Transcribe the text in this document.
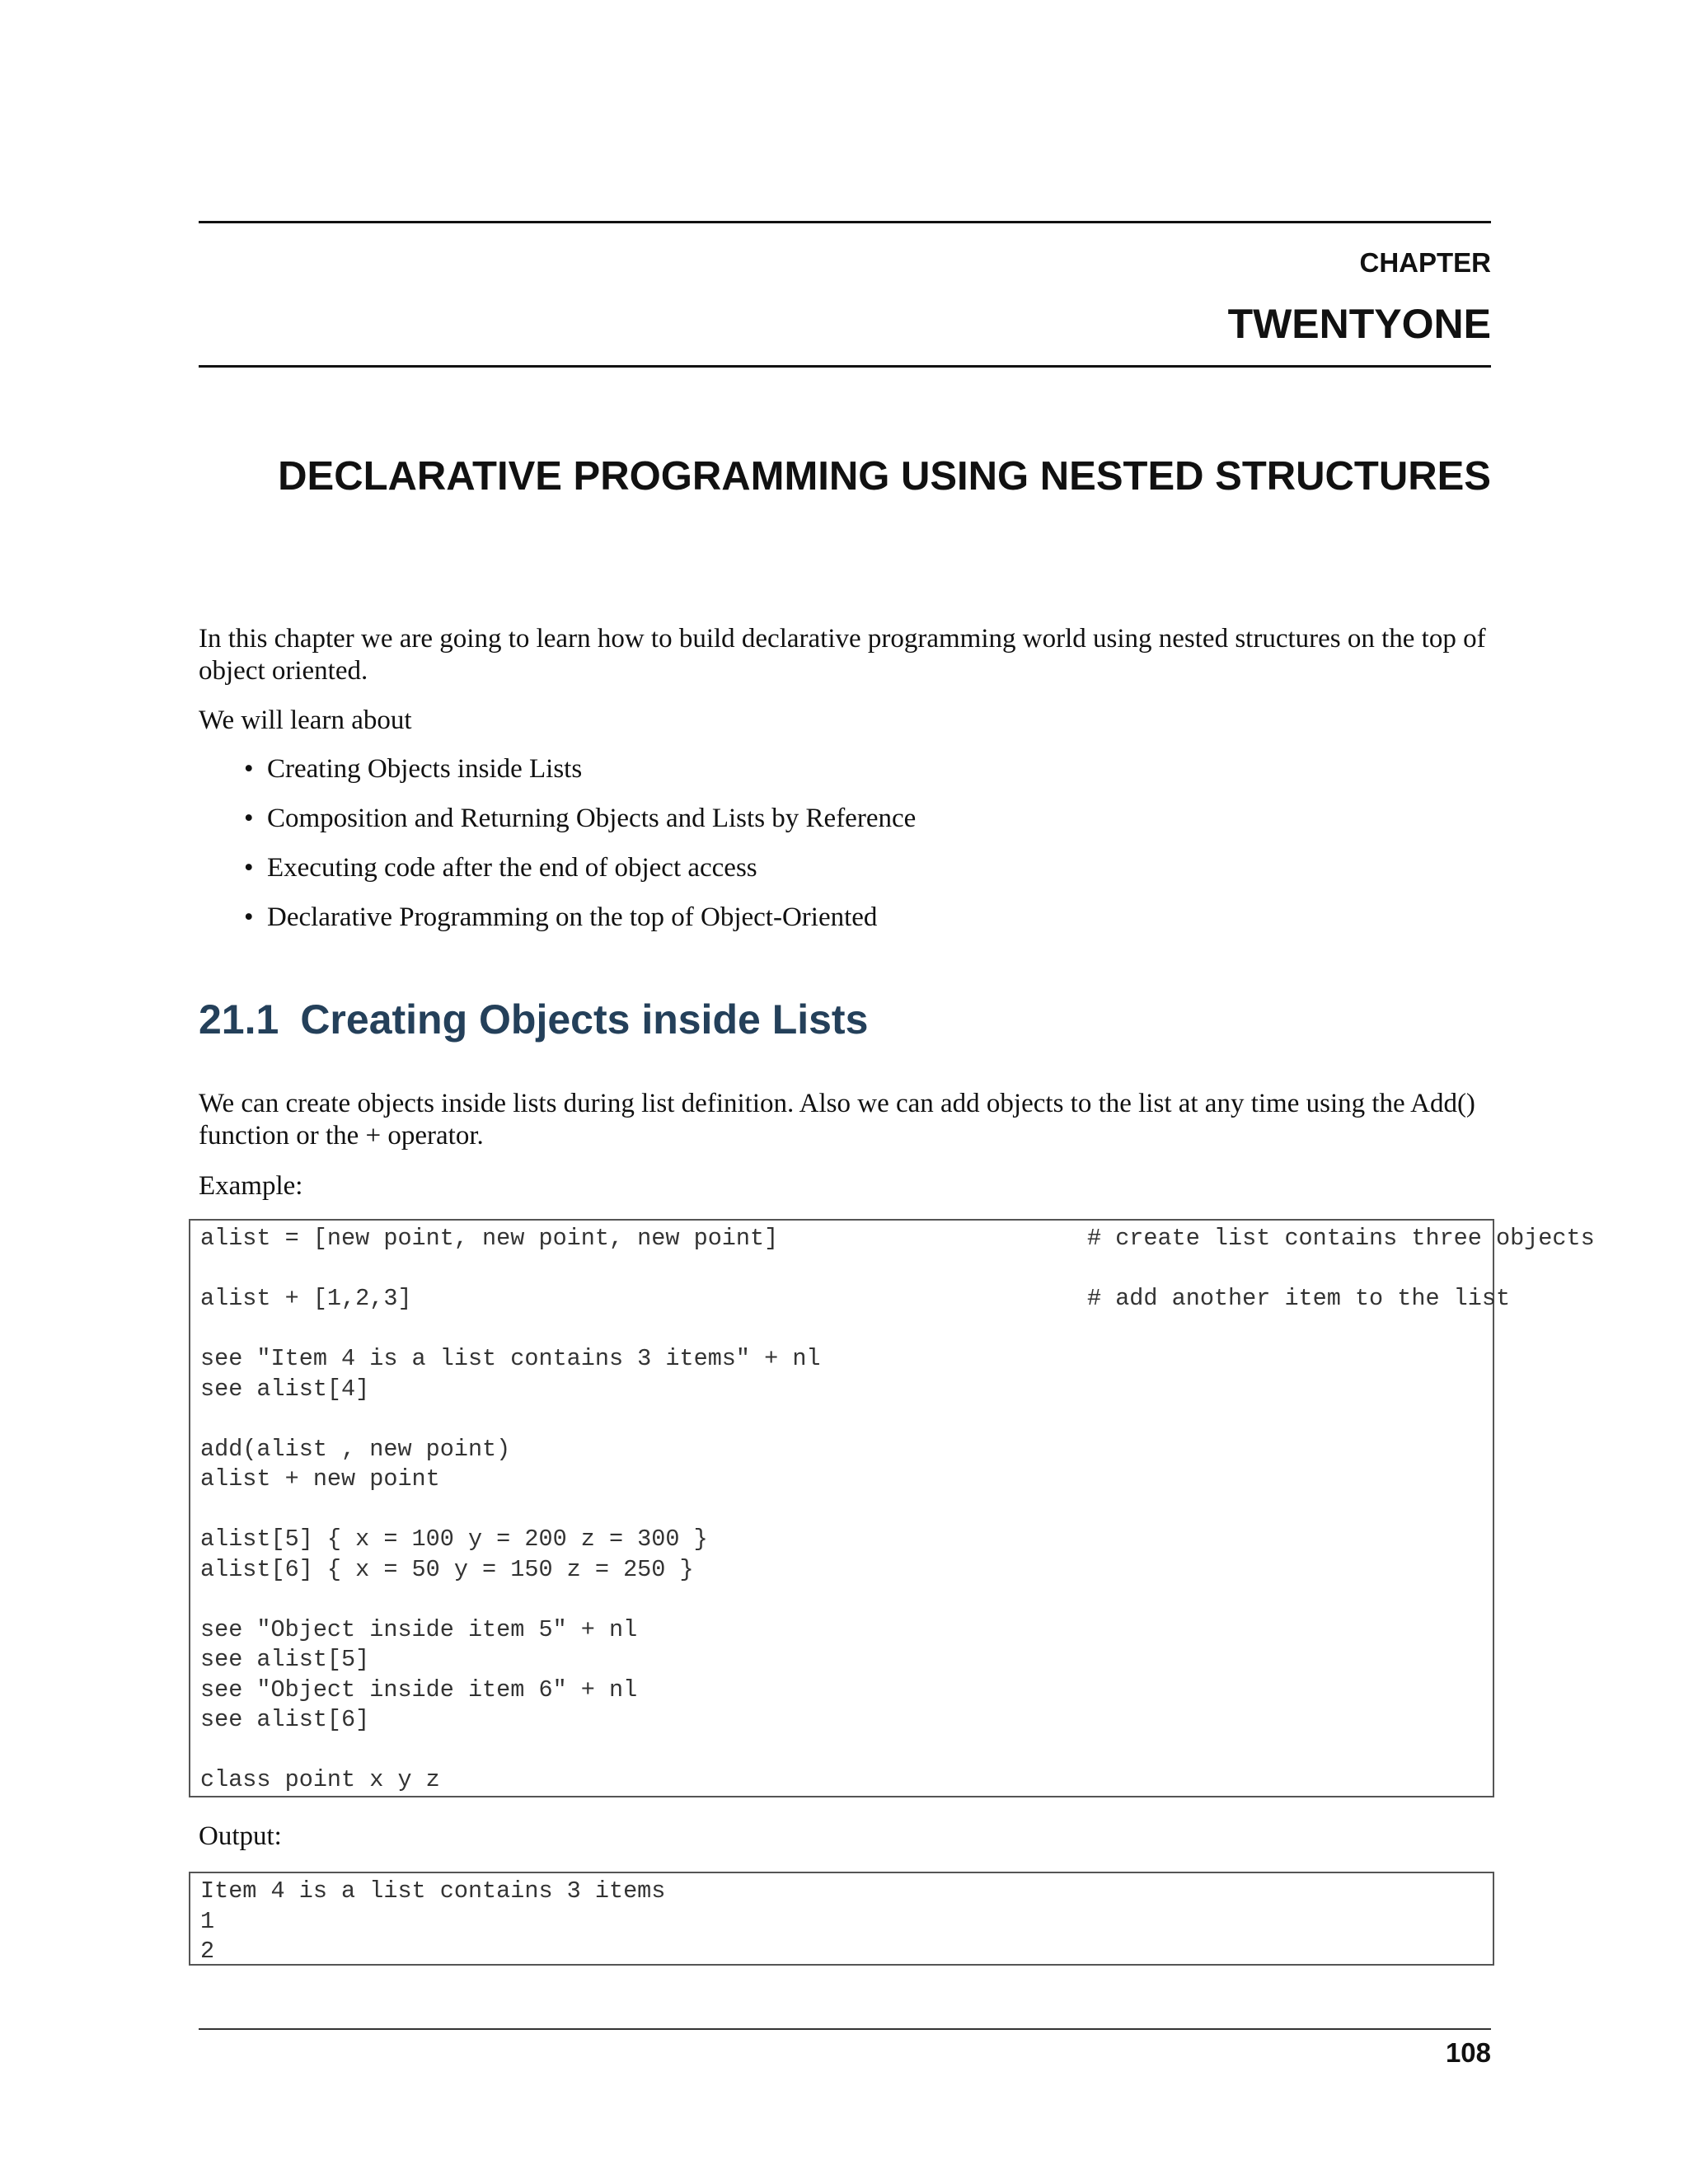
CHAPTER

TWENTYONE

DECLARATIVE PROGRAMMING USING NESTED STRUCTURES

In this chapter we are going to learn how to build declarative programming world using nested structures on the top of object oriented.

We will learn about

• Creating Objects inside Lists
• Composition and Returning Objects and Lists by Reference
• Executing code after the end of object access
• Declarative Programming on the top of Object-Oriented
21.1 Creating Objects inside Lists

We can create objects inside lists during list definition. Also we can add objects to the list at any time using the Add() function or the + operator.

Example:

alist = [new point, new point, new point]	# create list contains three objects
alist + [1,2,3]	# add another item to the list
see "Item 4 is a list contains 3 items" + nl
see alist[4]
add(alist , new point)
alist + new point
alist[5] { x = 100 y = 200 z = 300 }
alist[6] { x = 50 y = 150 z = 250 }
see "Object inside item 5" + nl
see alist[5]
see "Object inside item 6" + nl
see alist[6]
class point x y z

Output:

Item 4 is a list contains 3 items
1
2

108
